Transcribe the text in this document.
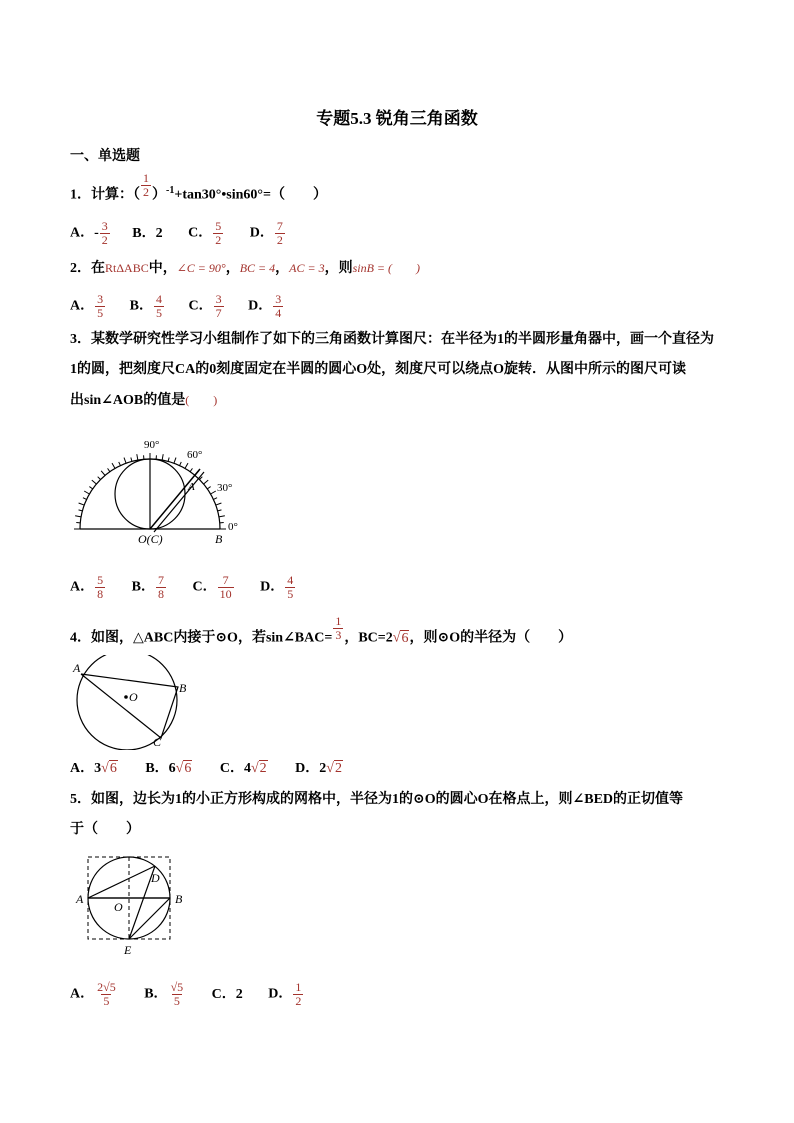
专题5.3 锐角三角函数
一、单选题
1．计算：（ $\frac{1}{2}$ ）$^{-1}$+tan30°•sin60°=（　　）
A．- $\frac{3}{2}$ B．2 C． $\frac{5}{2}$ D． $\frac{7}{2}$
2．在RtΔABC中，∠C = 90°，BC = 4，AC = 3，则sinB = (　　)
A． $\frac{3}{5}$ B． $\frac{4}{5}$ C． $\frac{3}{7}$ D． $\frac{3}{4}$
3．某数学研究性学习小组制作了如下的三角函数计算图尺：在半径为1的半圆形量角器中，画一个直径为
1的圆，把刻度尺CA的0刻度固定在半圆的圆心O处，刻度尺可以绕点O旋转．从图中所示的图尺可读
出sin∠AOB的值是(　　)
90°
60°
30°
0°
A
O(C)	B
A． $\frac{5}{8}$ B． $\frac{7}{8}$ C． $\frac{7}{10}$ D． $\frac{4}{5}$
4．如图，△ABC内接于⊙O，若sin∠BAC= $\frac{1}{3}$ ，BC=2√6，则⊙O的半径为（　　）
A
B
C
O
A．3√6 B．6√6 C．4√2 D．2√2
5．如图，边长为1的小正方形构成的网格中，半径为1的⊙O的圆心O在格点上，则∠BED的正切值等
于（　　）
A	B
D
O
E
A． $\frac{2√5}{5}$ B． $\frac{√5}{5}$ C．2 D． $\frac{1}{2}$
